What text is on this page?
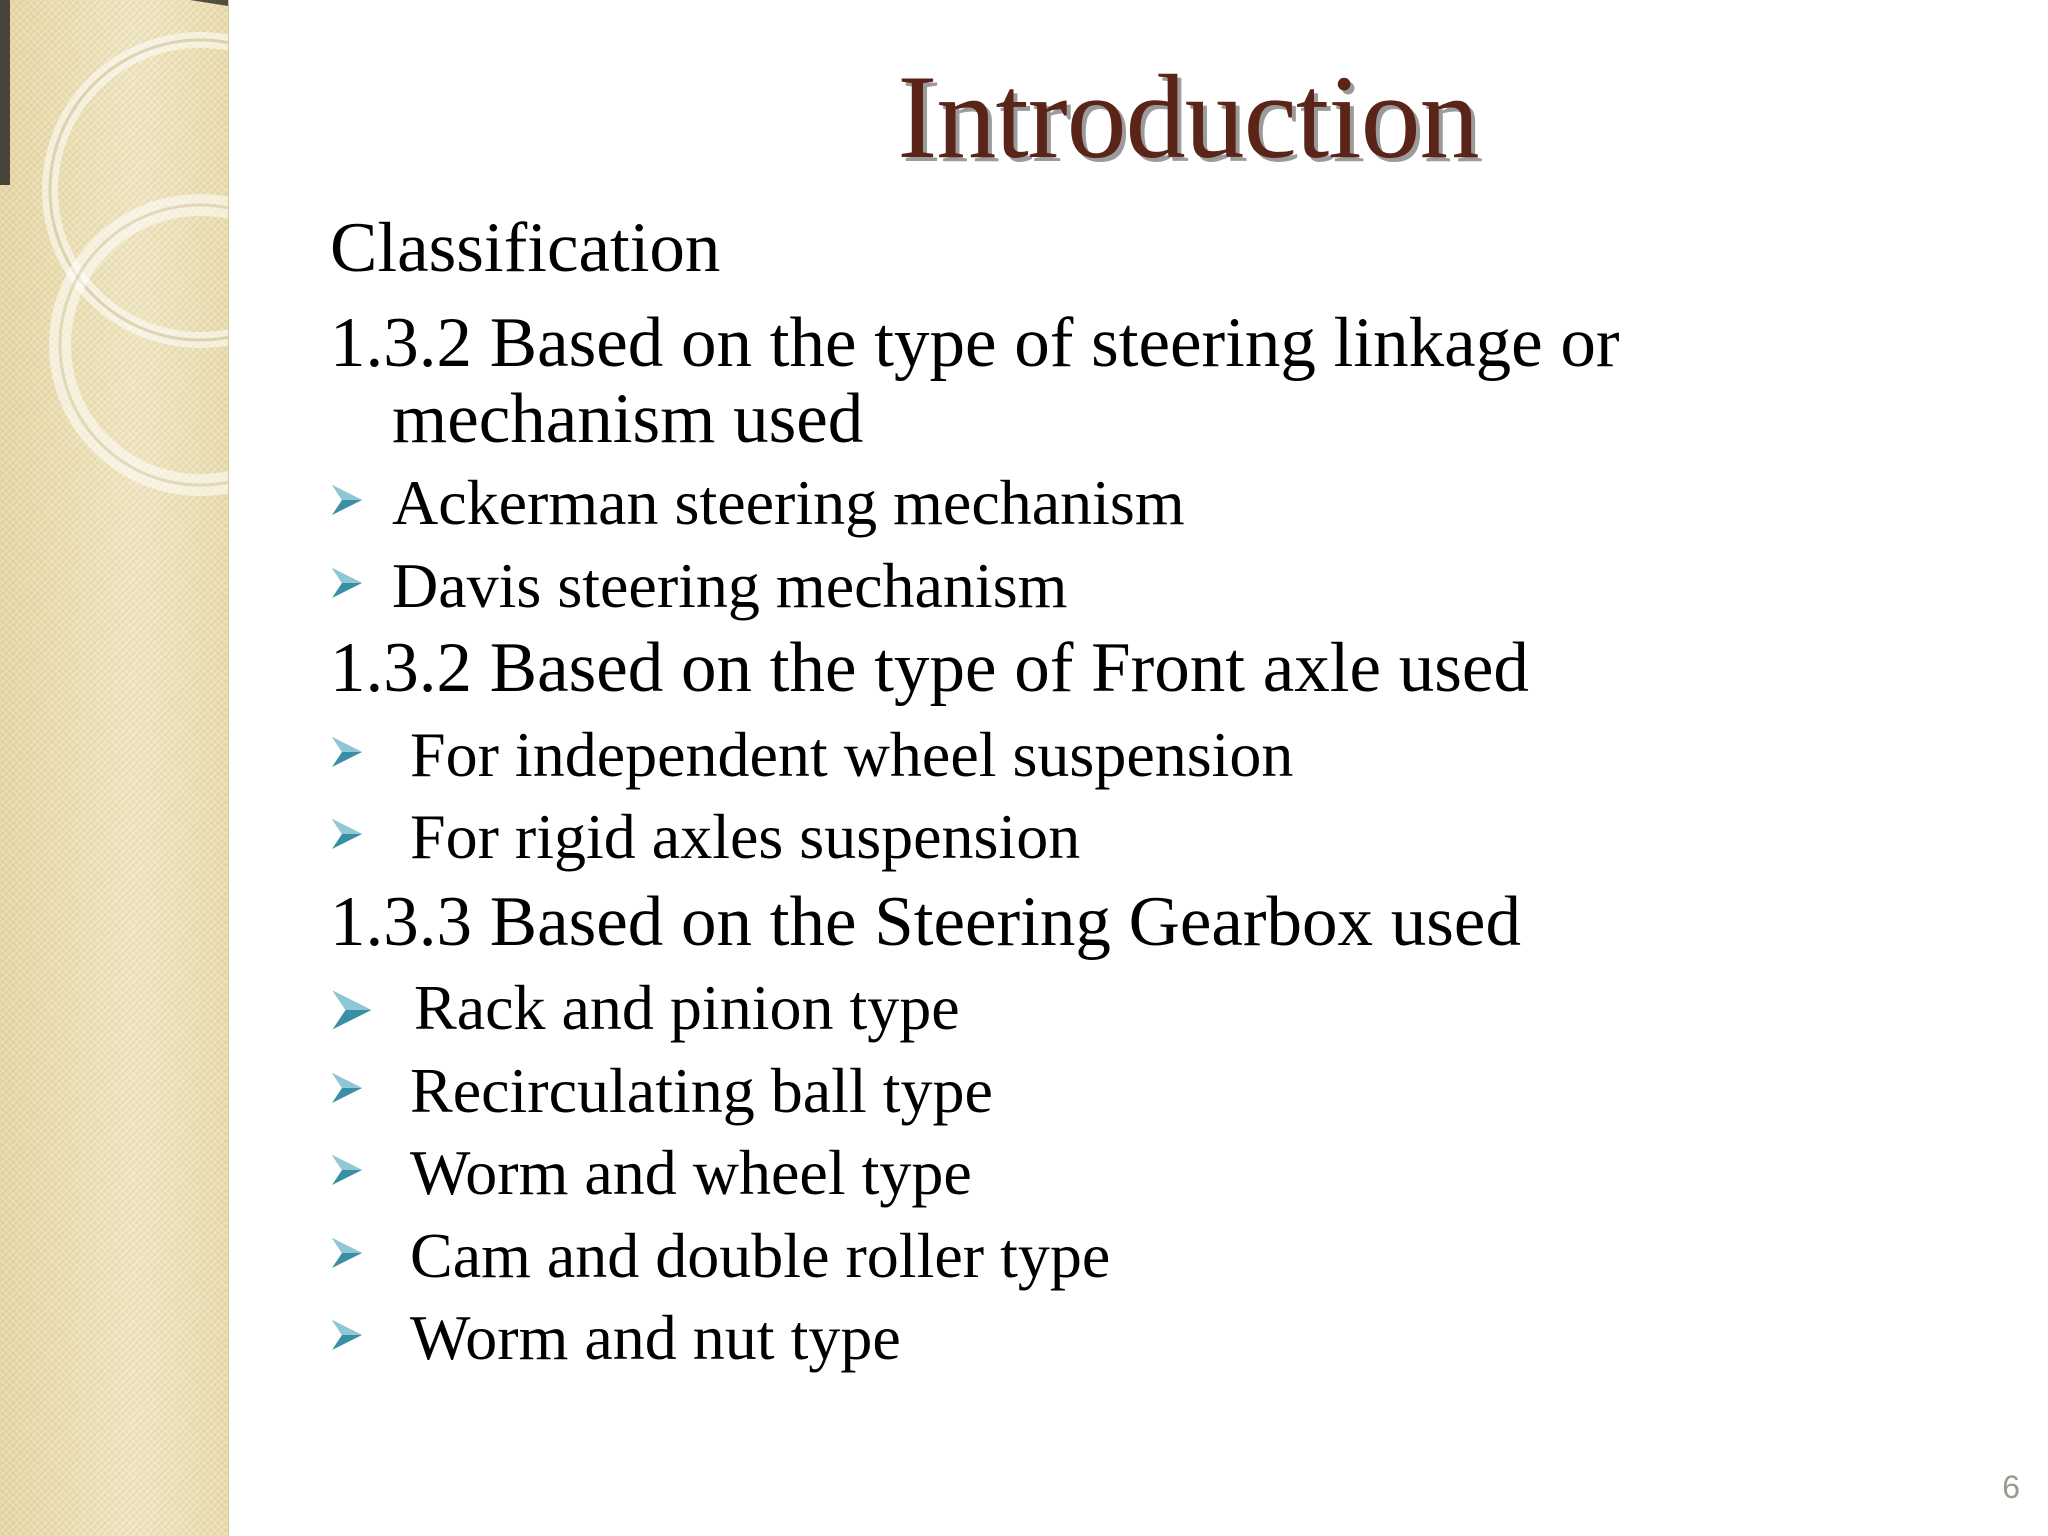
Introduction
Classification
1.3.2 Based on the type of steering linkage or
mechanism used
Ackerman steering mechanism
Davis steering mechanism
1.3.2 Based on the type of Front axle used
For independent wheel suspension
For rigid axles suspension
1.3.3 Based on the Steering Gearbox used
Rack and pinion type
Recirculating ball type
Worm and wheel type
Cam and double roller type
Worm and nut type
6
